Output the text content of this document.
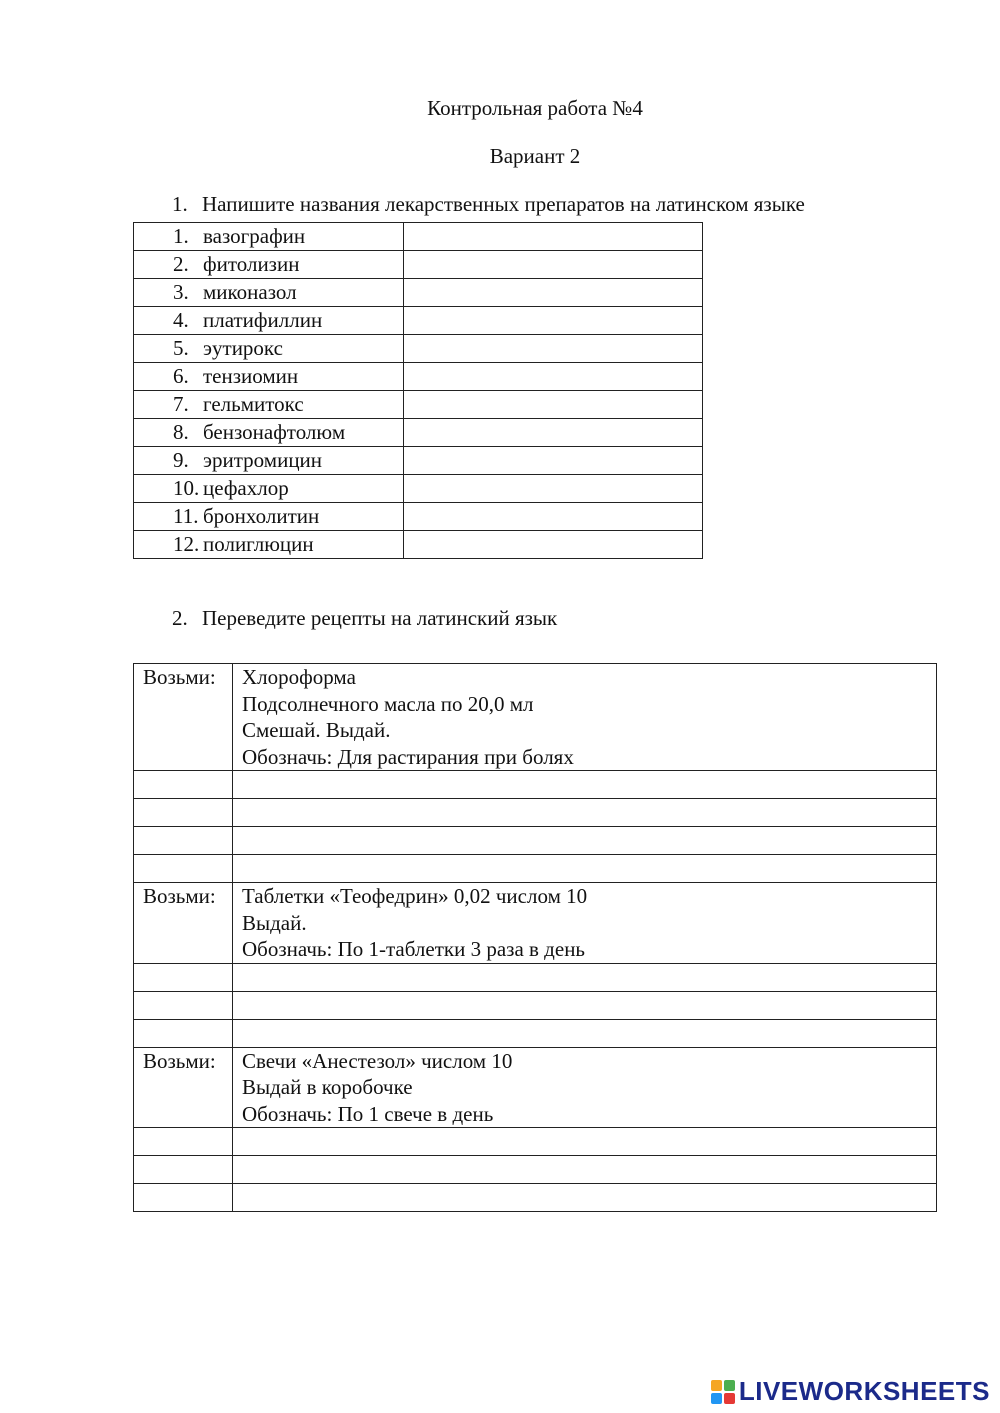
Контрольная работа №4
Вариант 2
1. Напишите названия лекарственных препаратов на латинском языке
1. вазографин	
2. фитолизин	
3. миконазол	
4. платифиллин	
5. эутирокс	
6. тензиомин	
7. гельмитокс	
8. бензонафтолюм	
9. эритромицин	
10. цефахлор	
11. бронхолитин	
12. полиглюцин	
2. Переведите рецепты на латинский язык
Возьми:	Хлороформа
Подсолнечного масла по 20,0 мл
Смешай. Выдай.
Обозначь: Для растирания при болях

Возьми:	Таблетки «Теофедрин» 0,02 числом 10
Выдай.
Обозначь: По 1-таблетки 3 раза в день

Возьми:	Свечи «Анестезол» числом 10
Выдай в коробочке
Обозначь: По 1 свече в день

LIVEWORKSHEETS
